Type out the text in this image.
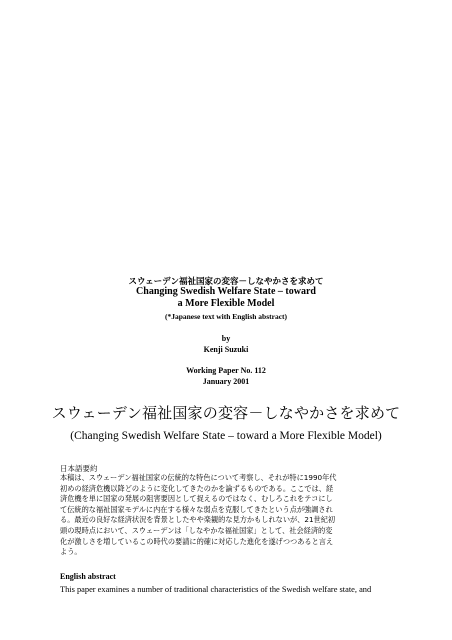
スウェーデン福祉国家の変容－しなやかさを求めて
Changing Swedish Welfare State – toward
a More Flexible Model
(*Japanese text with English abstract)
by
Kenji Suzuki
Working Paper No. 112
January 2001
スウェーデン福祉国家の変容－しなやかさを求めて
(Changing Swedish Welfare State – toward a More Flexible Model)
日本語要約
本稿は、スウェーデン福祉国家の伝統的な特色について考察し、それが特に1990年代
初めの経済危機以降どのように変化してきたのかを論ずるものである。ここでは、経
済危機を単に国家の発展の阻害要因として捉えるのではなく、むしろこれをテコにし
て伝統的な福祉国家モデルに内在する様々な弱点を克服してきたという点が強調され
る。最近の良好な経済状況を背景としたやや楽観的な見方かもしれないが、21世紀初
頭の現時点において、スウェーデンは「しなやかな福祉国家」として、社会経済的変
化が激しさを増しているこの時代の要請に的確に対応した進化を遂げつつあると言え
よう。
English abstract
This paper examines a number of traditional characteristics of the Swedish welfare state, and
